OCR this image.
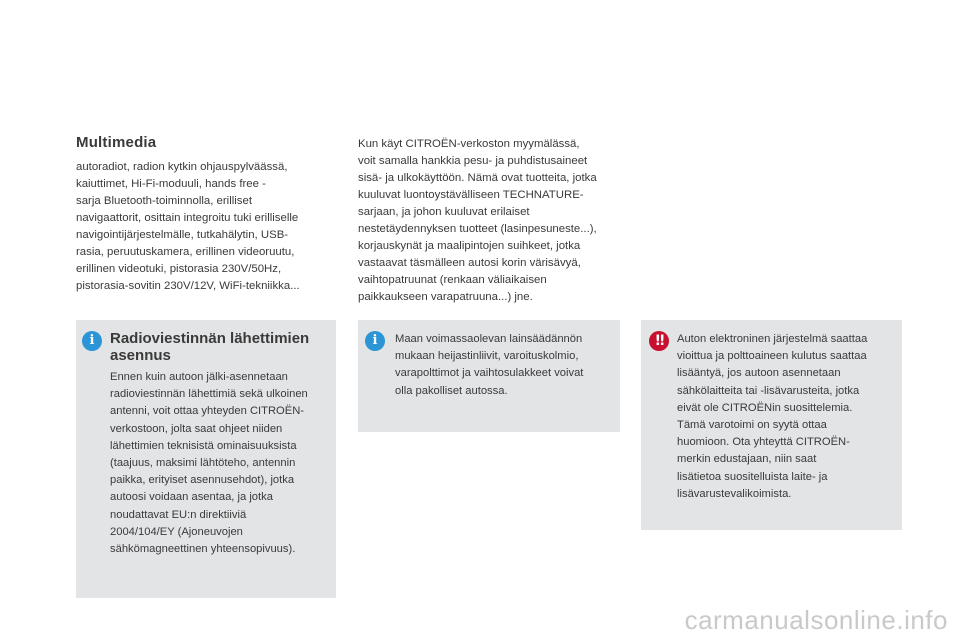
Multimedia

autoradiot, radion kytkin ohjauspylväässä,
kaiuttimet, Hi-Fi-moduuli, hands free -
sarja Bluetooth-toiminnolla, erilliset
navigaattorit, osittain integroitu tuki erilliselle
navigointijärjestelmälle, tutkahälytin, USB-
rasia, peruutuskamera, erillinen videoruutu,
erillinen videotuki, pistorasia 230V/50Hz,
pistorasia-sovitin 230V/12V, WiFi-tekniikka...

Kun käyt CITROËN-verkoston myymälässä,
voit samalla hankkia pesu- ja puhdistusaineet
sisä- ja ulkokäyttöön. Nämä ovat tuotteita, jotka
kuuluvat luontoystävälliseen TECHNATURE-
sarjaan, ja johon kuuluvat erilaiset
nestetäydennyksen tuotteet (lasinpesuneste...),
korjauskynät ja maalipintojen suihkeet, jotka
vastaavat täsmälleen autosi korin värisävyä,
vaihtopatruunat (renkaan väliaikaisen
paikkaukseen varapatruuna...) jne.

i	Radioviestinnän lähettimien asennus

Ennen kuin autoon jälki-asennetaan
radioviestinnän lähettimiä sekä ulkoinen
antenni, voit ottaa yhteyden CITROËN-
verkostoon, jolta saat ohjeet niiden
lähettimien teknisistä ominaisuuksista
(taajuus, maksimi lähtöteho, antennin
paikka, erityiset asennusehdot), jotka
autoosi voidaan asentaa, ja jotka
noudattavat EU:n direktiiviä
2004/104/EY (Ajoneuvojen
sähkömagneettinen yhteensopivuus).

i	Maan voimassaolevan lainsäädännön
mukaan heijastinliivit, varoituskolmio,
varapolttimot ja vaihtosulakkeet voivat
olla pakolliset autossa.

!!	Auton elektroninen järjestelmä saattaa
vioittua ja polttoaineen kulutus saattaa
lisääntyä, jos autoon asennetaan
sähkölaitteita tai -lisävarusteita, jotka
eivät ole CITROËNin suosittelemia.
Tämä varotoimi on syytä ottaa
huomioon. Ota yhteyttä CITROËN-
merkin edustajaan, niin saat
lisätietoa suositelluista laite- ja
lisävarustevalikoimista.

carmanualsonline.info
